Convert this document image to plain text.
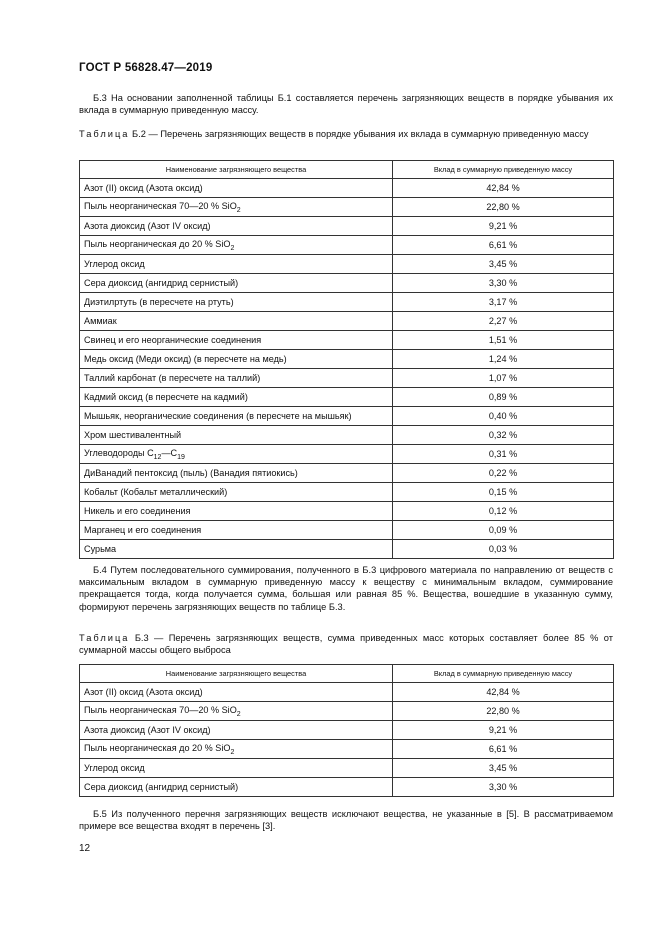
ГОСТ Р 56828.47—2019
Б.3 На основании заполненной таблицы Б.1 составляется перечень загрязняющих веществ в порядке убывания их вклада в суммарную приведенную массу.
Таблица Б.2 — Перечень загрязняющих веществ в порядке убывания их вклада в суммарную приведенную массу
Наименование загрязняющего вещества	Вклад в суммарную приведенную массу
Азот (II) оксид (Азота оксид)	42,84 %
Пыль неорганическая 70—20 % SiO$_2$	22,80 %
Азота диоксид (Азот IV оксид)	9,21 %
Пыль неорганическая до 20 % SiO$_2$	6,61 %
Углерод оксид	3,45 %
Сера диоксид (ангидрид сернистый)	3,30 %
Диэтилртуть (в пересчете на ртуть)	3,17 %
Аммиак	2,27 %
Свинец и его неорганические соединения	1,51 %
Медь оксид (Меди оксид) (в пересчете на медь)	1,24 %
Таллий карбонат (в пересчете на таллий)	1,07 %
Кадмий оксид (в пересчете на кадмий)	0,89 %
Мышьяк, неорганические соединения (в пересчете на мышьяк)	0,40 %
Хром шестивалентный	0,32 %
Углеводороды $C_{12}—C_{19}$	0,31 %
ДиВанадий пентоксид (пыль) (Ванадия пятиокись)	0,22 %
Кобальт (Кобальт металлический)	0,15 %
Никель и его соединения	0,12 %
Марганец и его соединения	0,09 %
Сурьма	0,03 %
Б.4 Путем последовательного суммирования, полученного в Б.3 цифрового материала по направлению от веществ с максимальным вкладом в суммарную приведенную массу к веществу с минимальным вкладом, суммирование прекращается тогда, когда получается сумма, большая или равная 85 %. Вещества, вошедшие в указанную сумму, формируют перечень загрязняющих веществ по таблице Б.3.
Таблица Б.3 — Перечень загрязняющих веществ, сумма приведенных масс которых составляет более 85 % от суммарной массы общего выброса
Наименование загрязняющего вещества	Вклад в суммарную приведенную массу
Азот (II) оксид (Азота оксид)	42,84 %
Пыль неорганическая 70—20 % SiO$_2$	22,80 %
Азота диоксид (Азот IV оксид)	9,21 %
Пыль неорганическая до 20 % SiO$_2$	6,61 %
Углерод оксид	3,45 %
Сера диоксид (ангидрид сернистый)	3,30 %
Б.5 Из полученного перечня загрязняющих веществ исключают вещества, не указанные в [5]. В рассматриваемом примере все вещества входят в перечень [3].
12
